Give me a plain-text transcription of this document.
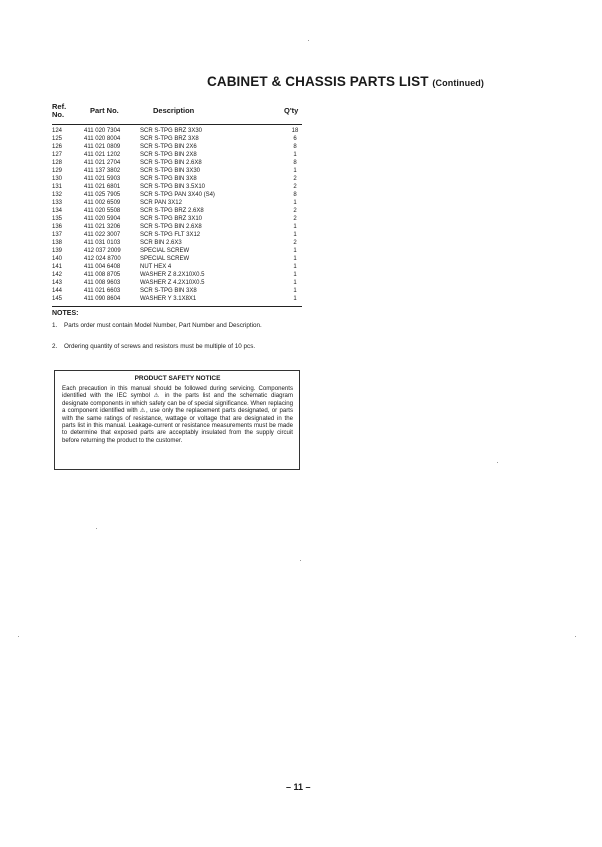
CABINET & CHASSIS PARTS LIST (Continued)
Ref.
No.	Part No.	Description	Q'ty
124	411 020 7304	SCR S-TPG BRZ 3X30	18
125	411 020 8004	SCR S-TPG BRZ 3X8	6
126	411 021 0809	SCR S-TPG BIN 2X6	8
127	411 021 1202	SCR S-TPG BIN 2X8	1
128	411 021 2704	SCR S-TPG BIN 2.6X8	8
129	411 137 3802	SCR S-TPG BIN 3X30	1
130	411 021 5903	SCR S-TPG BIN 3X8	2
131	411 021 6801	SCR S-TPG BIN 3.5X10	2
132	411 025 7905	SCR S-TPG PAN 3X40 (S4)	8
133	411 002 6509	SCR PAN 3X12	1
134	411 020 5508	SCR S-TPG BRZ 2.6X8	2
135	411 020 5904	SCR S-TPG BRZ 3X10	2
136	411 021 3206	SCR S-TPG BIN 2.6X8	1
137	411 022 3007	SCR S-TPG FLT 3X12	1
138	411 031 0103	SCR BIN 2.6X3	2
139	412 037 2009	SPECIAL SCREW	1
140	412 024 8700	SPECIAL SCREW	1
141	411 004 6408	NUT HEX 4	1
142	411 008 8705	WASHER Z 8.2X10X0.5	1
143	411 008 9603	WASHER Z 4.2X10X0.5	1
144	411 021 6603	SCR S-TPG BIN 3X8	1
145	411 090 8604	WASHER Y 3.1X8X1	1
NOTES:
1. Parts order must contain Model Number, Part Number and Description.
2. Ordering quantity of screws and resistors must be multiple of 10 pcs.
PRODUCT SAFETY NOTICE
Each precaution in this manual should be followed during servicing. Components identified with the IEC symbol ⚠ in the parts list and the schematic diagram designate components in which safety can be of special significance. When replacing a component identified with ⚠, use only the replacement parts designated, or parts with the same ratings of resistance, wattage or voltage that are designated in the parts list in this manual. Leakage-current or resistance measurements must be made to determine that exposed parts are acceptably insulated from the supply circuit before returning the product to the customer.
– 11 –
